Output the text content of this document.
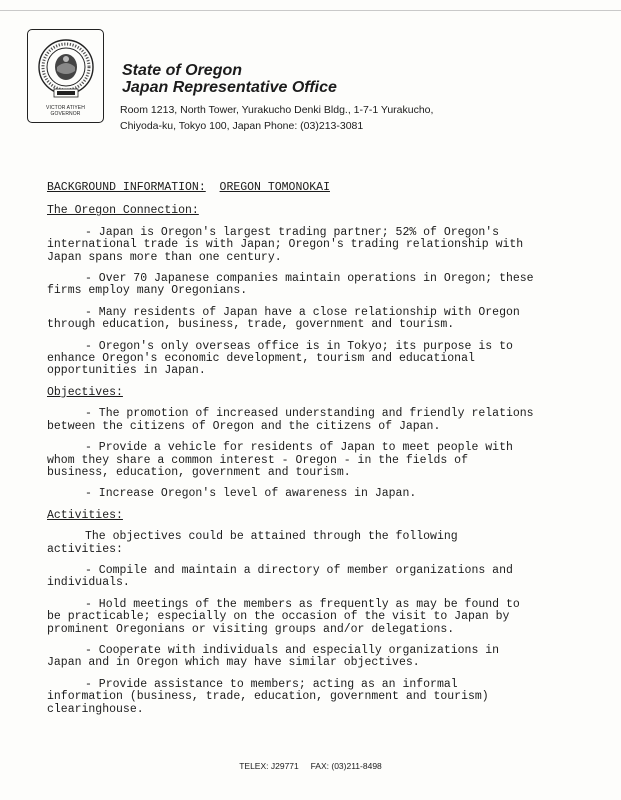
VICTOR ATIYEH
GOVERNOR
State of Oregon
Japan Representative Office
Room 1213, North Tower, Yurakucho Denki Bldg., 1-7-1 Yurakucho,
Chiyoda-ku, Tokyo 100, Japan Phone: (03)213-3081
BACKGROUND INFORMATION: OREGON TOMONOKAI
The Oregon Connection:
- Japan is Oregon's largest trading partner; 52% of Oregon's
international trade is with Japan; Oregon's trading relationship with
Japan spans more than one century.
- Over 70 Japanese companies maintain operations in Oregon; these
firms employ many Oregonians.
- Many residents of Japan have a close relationship with Oregon
through education, business, trade, government and tourism.
- Oregon's only overseas office is in Tokyo; its purpose is to
enhance Oregon's economic development, tourism and educational
opportunities in Japan.
Objectives:
- The promotion of increased understanding and friendly relations
between the citizens of Oregon and the citizens of Japan.
- Provide a vehicle for residents of Japan to meet people with
whom they share a common interest - Oregon - in the fields of
business, education, government and tourism.
- Increase Oregon's level of awareness in Japan.
Activities:
The objectives could be attained through the following
activities:
- Compile and maintain a directory of member organizations and
individuals.
- Hold meetings of the members as frequently as may be found to
be practicable; especially on the occasion of the visit to Japan by
prominent Oregonians or visiting groups and/or delegations.
- Cooperate with individuals and especially organizations in
Japan and in Oregon which may have similar objectives.
- Provide assistance to members; acting as an informal
information (business, trade, education, government and tourism)
clearinghouse.
TELEX: J29771 FAX: (03)211-8498
